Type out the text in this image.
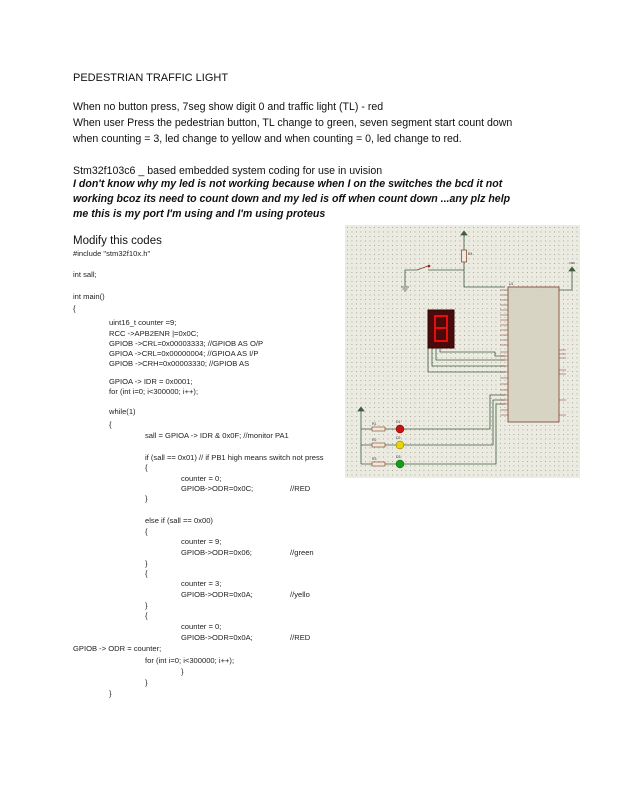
PEDESTRIAN TRAFFIC LIGHT
When no button press, 7seg show digit 0 and traffic light (TL) - red
When user Press the pedestrian button, TL change to green, seven segment start count down
when counting = 3, led change to yellow and when counting = 0, led change to red.
Stm32f103c6 _ based embedded system coding for use in uvision
I don't know why my led is not working because when I on the switches the bcd it not
working bcoz its need to count down and my led is off when count down ...any plz help
me this is my port I'm using and I'm using proteus
Modify this codes
#include "stm32f10x.h"
int sall;
int main()
{
uint16_t counter =9;
RCC ->APB2ENR |=0x0C;
GPIOB ->CRL=0x00003333; //GPIOB AS O/P
GPIOA ->CRL=0x00000004; //GPIOA AS I/P
GPIOB ->CRH=0x00003330; //GPIOB AS
GPIOA -> IDR = 0x0001;
for (int i=0; i<300000; i++);
while(1)
{
sall = GPIOA -> IDR & 0x0F; //monitor PA1
if (sall == 0x01) // if PB1 high means switch not press
{
counter = 0;
GPIOB->ODR=0x0C;	//RED
}
else if (sall == 0x00)
{
counter = 9;
GPIOB->ODR=0x06;	//green
}
{
counter = 3;
GPIOB->ODR=0x0A;	//yello
}
{
counter = 0;
GPIOB->ODR=0x0A;	//RED
GPIOB -> ODR = counter;
for (int i=0; i<300000; i++);
}
}
}
R4
VDD
U1
. . . . .	. . .
R1
R2
R3
D1
D2
D3
